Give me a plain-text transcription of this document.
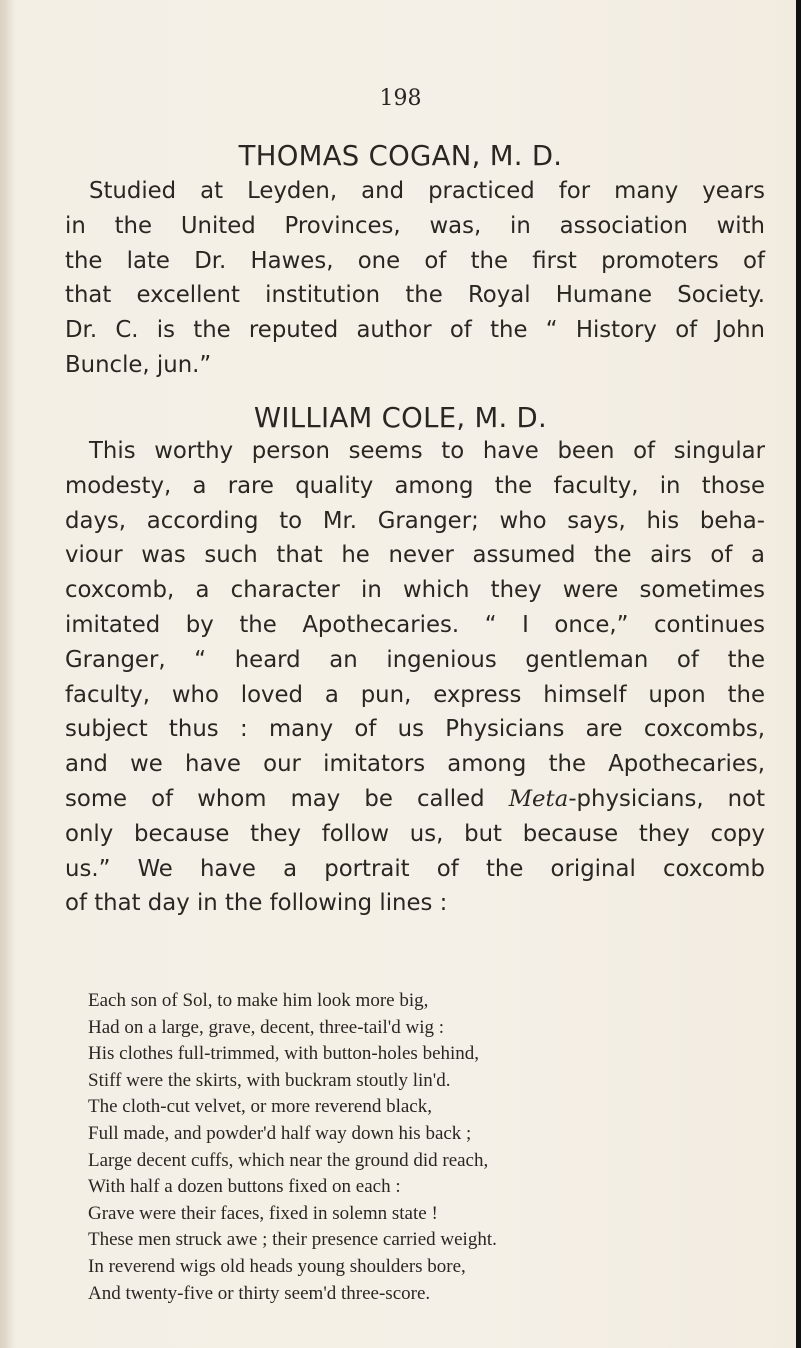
198
THOMAS COGAN, M. D.
Studied at Leyden, and practiced for many years
in the United Provinces, was, in association with
the late Dr. Hawes, one of the first promoters of
that excellent institution the Royal Humane Society.
Dr. C. is the reputed author of the “ History of John
Buncle, jun.”
WILLIAM COLE, M. D.
This worthy person seems to have been of singular
modesty, a rare quality among the faculty, in those
days, according to Mr. Granger; who says, his beha-
viour was such that he never assumed the airs of a
coxcomb, a character in which they were sometimes
imitated by the Apothecaries. “ I once,” continues
Granger, “ heard an ingenious gentleman of the
faculty, who loved a pun, express himself upon the
subject thus : many of us Physicians are coxcombs,
and we have our imitators among the Apothecaries,
some of whom may be called Meta-physicians, not
only because they follow us, but because they copy
us.” We have a portrait of the original coxcomb
of that day in the following lines :
Each son of Sol, to make him look more big,
Had on a large, grave, decent, three-tail'd wig :
His clothes full-trimmed, with button-holes behind,
Stiff were the skirts, with buckram stoutly lin'd.
The cloth-cut velvet, or more reverend black,
Full made, and powder'd half way down his back ;
Large decent cuffs, which near the ground did reach,
With half a dozen buttons fixed on each :
Grave were their faces, fixed in solemn state !
These men struck awe ; their presence carried weight.
In reverend wigs old heads young shoulders bore,
And twenty-five or thirty seem'd three-score.
